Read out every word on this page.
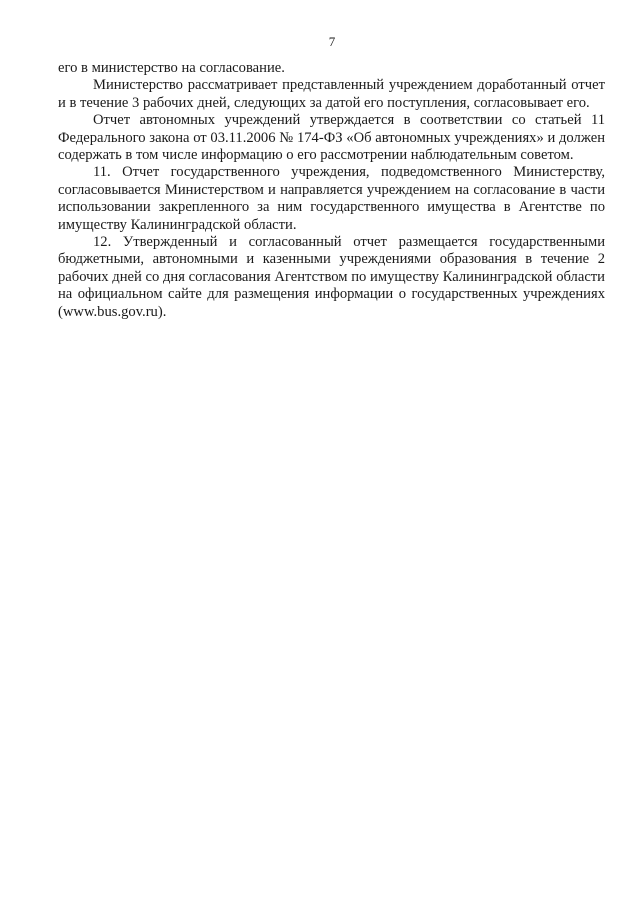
7

его в министерство на согласование.

Министерство рассматривает представленный учреждением доработанный отчет и в течение 3 рабочих дней, следующих за датой его поступления, согласовывает его.

Отчет автономных учреждений утверждается в соответствии со статьей 11 Федерального закона от 03.11.2006 № 174-ФЗ «Об автономных учреждениях» и должен содержать в том числе информацию о его рассмотрении наблюдательным советом.

11. Отчет государственного учреждения, подведомственного Министерству, согласовывается Министерством и направляется учреждением на согласование в части использовании закрепленного за ним государственного имущества в Агентстве по имуществу Калининградской области.

12. Утвержденный и согласованный отчет размещается государственными бюджетными, автономными и казенными учреждениями образования в течение 2 рабочих дней со дня согласования Агентством по имуществу Калининградской области на официальном сайте для размещения информации о государственных учреждениях (www.bus.gov.ru).
